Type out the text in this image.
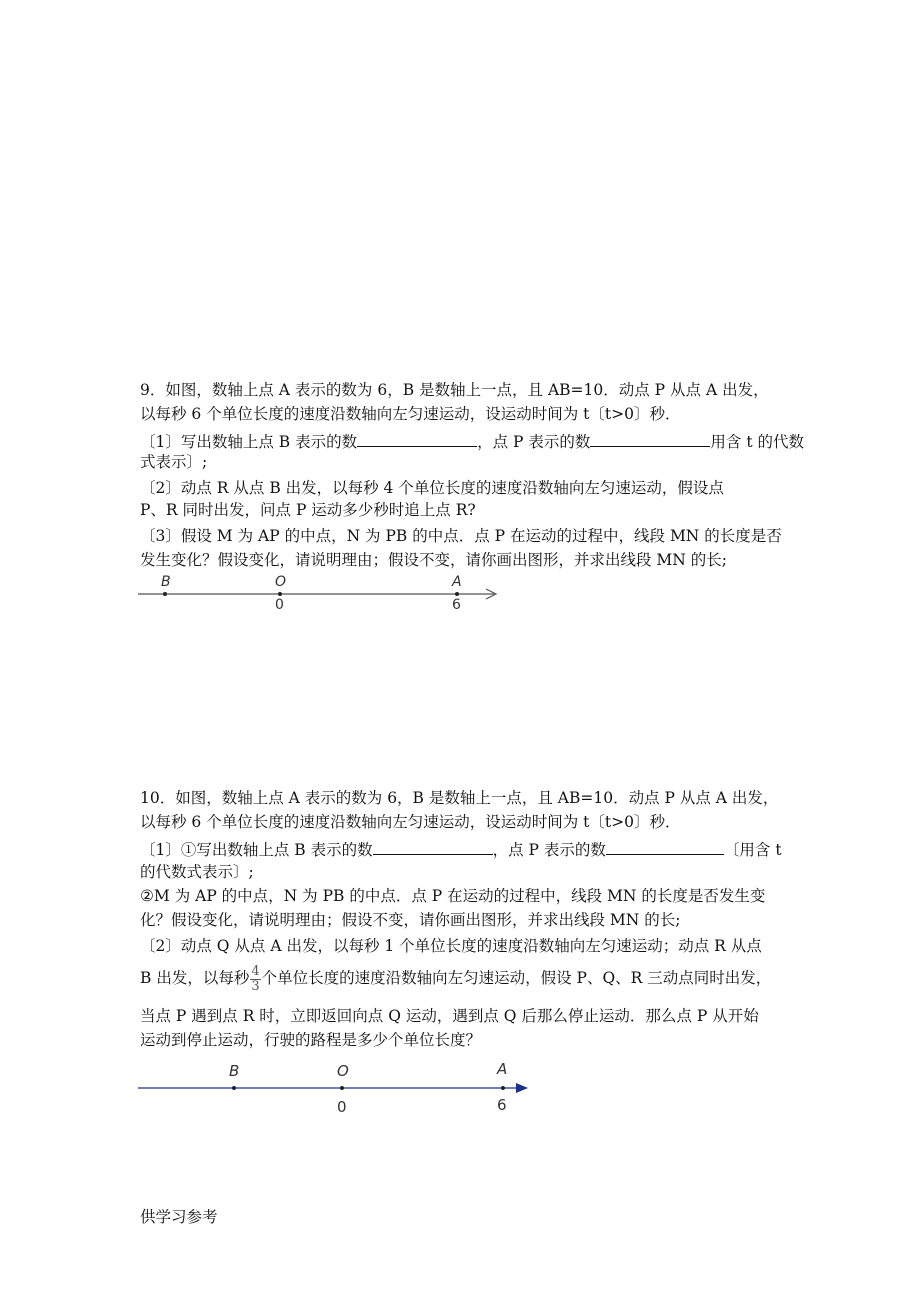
9．如图，数轴上点 A 表示的数为 6，B 是数轴上一点，且 AB=10．动点 P 从点 A 出发，
以每秒 6 个单位长度的速度沿数轴向左匀速运动，设运动时间为 t〔t>0〕秒．
〔1〕写出数轴上点 B 表示的数	，点 P 表示的数	用含 t 的代数
式表示〕;
〔2〕动点 R 从点 B 出发，以每秒 4 个单位长度的速度沿数轴向左匀速运动，假设点
P、R 同时出发，问点 P 运动多少秒时追上点 R?
〔3〕假设 M 为 AP 的中点，N 为 PB 的中点．点 P 在运动的过程中，线段 MN 的长度是否
发生变化？假设变化，请说明理由；假设不变，请你画出图形，并求出线段 MN 的长;
B	O	A
0	6
10．如图，数轴上点 A 表示的数为 6，B 是数轴上一点，且 AB=10．动点 P 从点 A 出发，
以每秒 6 个单位长度的速度沿数轴向左匀速运动，设运动时间为 t〔t>0〕秒．
〔1〕①写出数轴上点 B 表示的数	，点 P 表示的数	〔用含 t
的代数式表示〕;
②M 为 AP 的中点，N 为 PB 的中点．点 P 在运动的过程中，线段 MN 的长度是否发生变
化？假设变化，请说明理由；假设不变，请你画出图形，并求出线段 MN 的长;
〔2〕动点 Q 从点 A 出发，以每秒 1 个单位长度的速度沿数轴向左匀速运动；动点 R 从点
B 出发，以每秒 $\frac{4}{3}$ 个单位长度的速度沿数轴向左匀速运动，假设 P、Q、R 三动点同时出发，
当点 P 遇到点 R 时，立即返回向点 Q 运动，遇到点 Q 后那么停止运动．那么点 P 从开始
运动到停止运动，行驶的路程是多少个单位长度？
B	O	A
0	6
供学习参考
